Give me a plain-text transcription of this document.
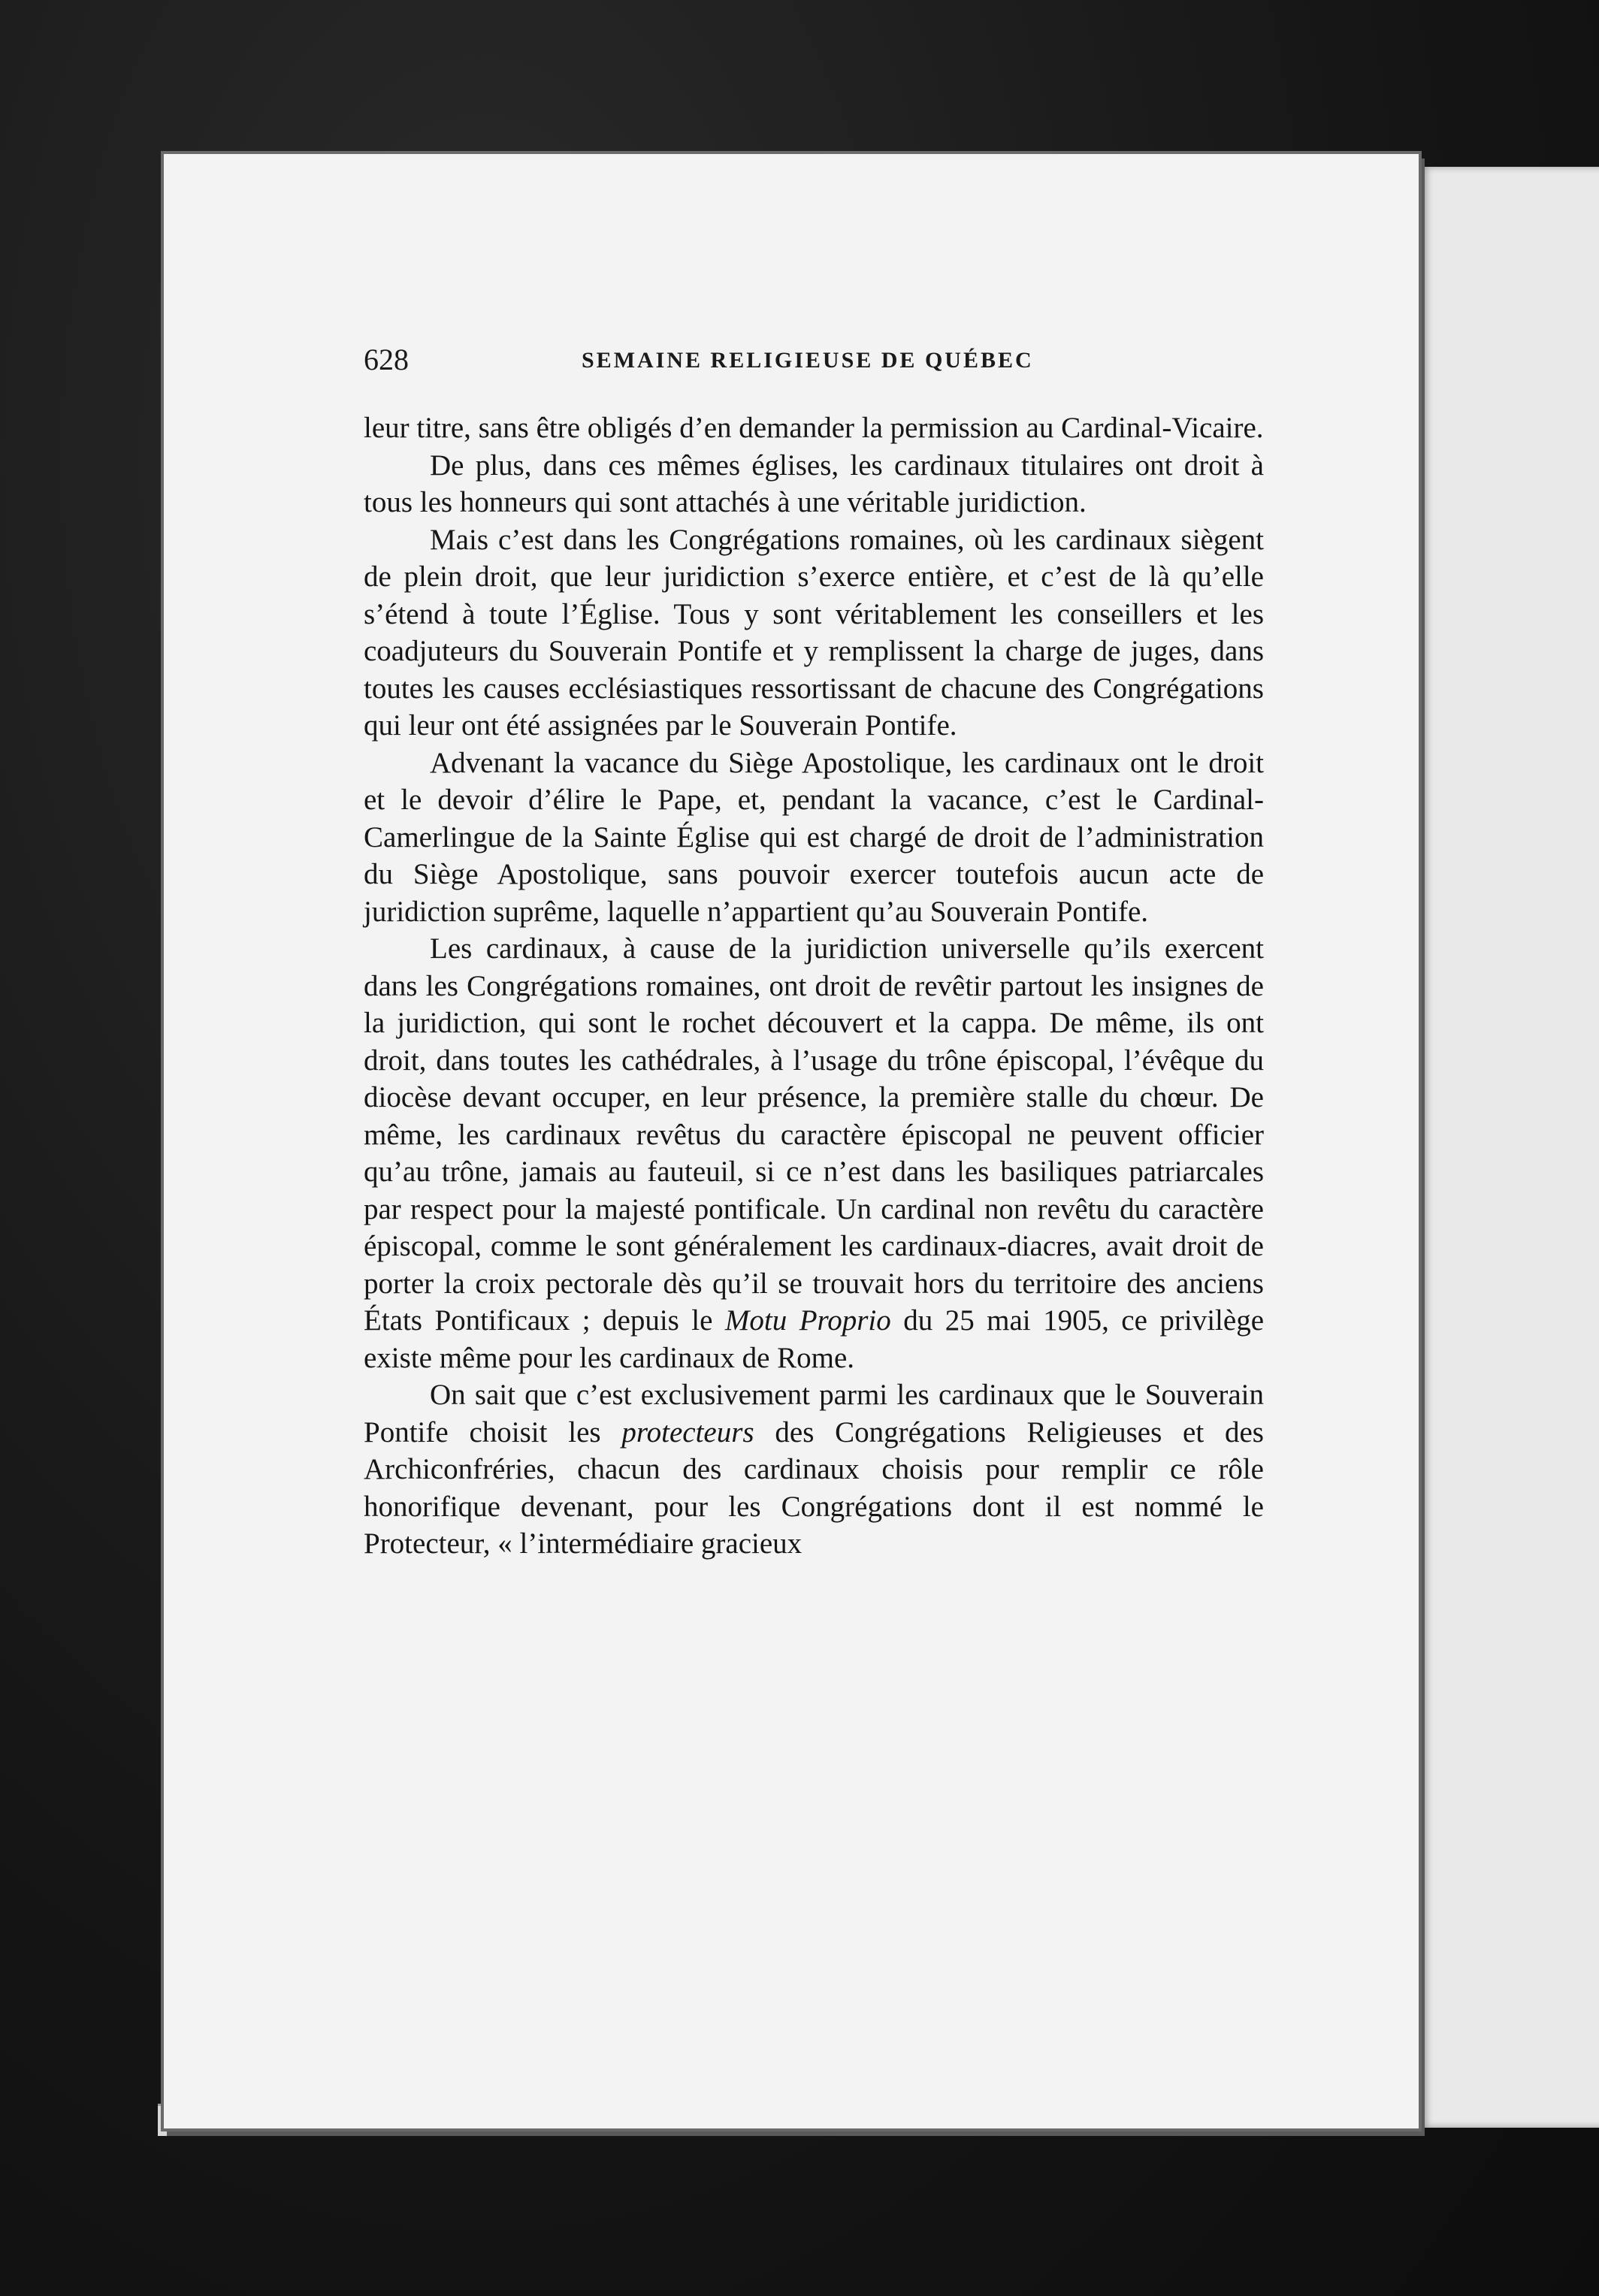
628	SEMAINE RELIGIEUSE DE QUÉBEC

leur titre, sans être obligés d’en demander la permission au Cardinal-Vicaire.

De plus, dans ces mêmes églises, les cardinaux titulaires ont droit à tous les honneurs qui sont attachés à une véritable juridiction.

Mais c’est dans les Congrégations romaines, où les cardinaux siègent de plein droit, que leur juridiction s’exerce entière, et c’est de là qu’elle s’étend à toute l’Église. Tous y sont véritablement les conseillers et les coadjuteurs du Souverain Pontife et y remplissent la charge de juges, dans toutes les causes ecclésiastiques ressortissant de chacune des Congrégations qui leur ont été assignées par le Souverain Pontife.

Advenant la vacance du Siège Apostolique, les cardinaux ont le droit et le devoir d’élire le Pape, et, pendant la vacance, c’est le Cardinal-Camerlingue de la Sainte Église qui est chargé de droit de l’administration du Siège Apostolique, sans pouvoir exercer toutefois aucun acte de juridiction suprême, laquelle n’appartient qu’au Souverain Pontife.

Les cardinaux, à cause de la juridiction universelle qu’ils exercent dans les Congrégations romaines, ont droit de revêtir partout les insignes de la juridiction, qui sont le rochet découvert et la cappa. De même, ils ont droit, dans toutes les cathédrales, à l’usage du trône épiscopal, l’évêque du diocèse devant occuper, en leur présence, la première stalle du chœur. De même, les cardinaux revêtus du caractère épiscopal ne peuvent officier qu’au trône, jamais au fauteuil, si ce n’est dans les basiliques patriarcales par respect pour la majesté pontificale. Un cardinal non revêtu du caractère épiscopal, comme le sont généralement les cardinaux-diacres, avait droit de porter la croix pectorale dès qu’il se trouvait hors du territoire des anciens États Pontificaux ; depuis le Motu Proprio du 25 mai 1905, ce privilège existe même pour les cardinaux de Rome.

On sait que c’est exclusivement parmi les cardinaux que le Souverain Pontife choisit les protecteurs des Congrégations Religieuses et des Archiconfréries, chacun des cardinaux choisis pour remplir ce rôle honorifique devenant, pour les Congrégations dont il est nommé le Protecteur, « l’intermédiaire gracieux
